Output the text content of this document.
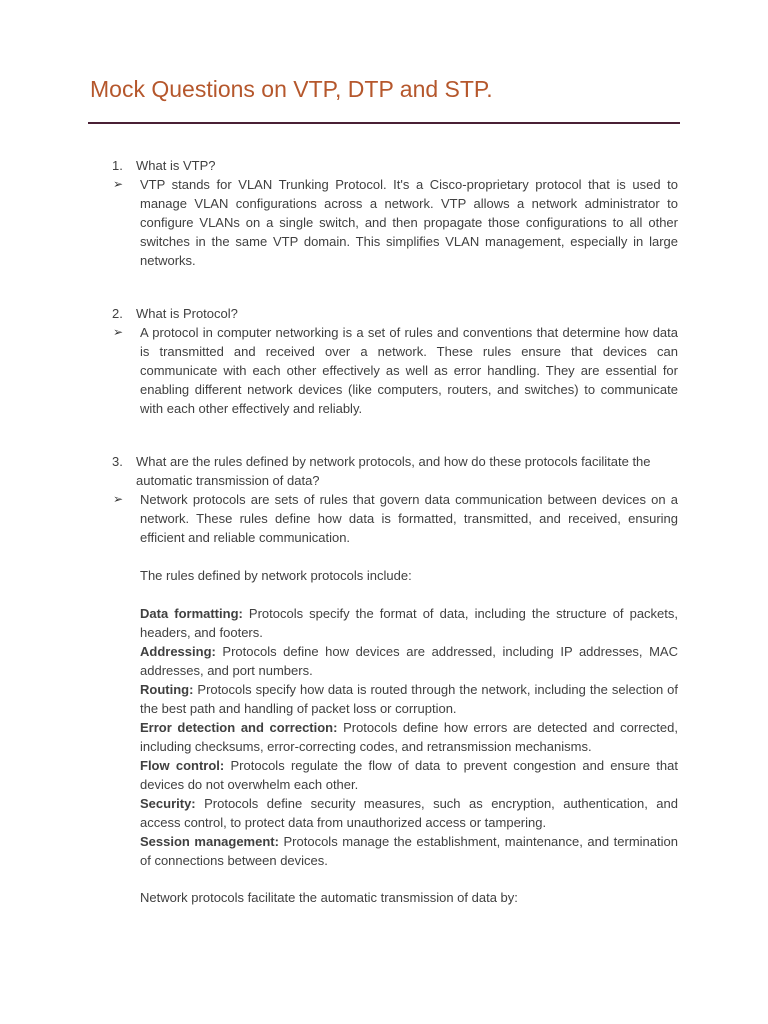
Mock Questions on VTP, DTP and STP.
1.	What is VTP?
➢	VTP stands for VLAN Trunking Protocol. It's a Cisco-proprietary protocol that is used to manage VLAN configurations across a network. VTP allows a network administrator to configure VLANs on a single switch, and then propagate those configurations to all other switches in the same VTP domain. This simplifies VLAN management, especially in large networks.
2.	What is Protocol?
➢	A protocol in computer networking is a set of rules and conventions that determine how data is transmitted and received over a network. These rules ensure that devices can communicate with each other effectively as well as error handling. They are essential for enabling different network devices (like computers, routers, and switches) to communicate with each other effectively and reliably.
3.	What are the rules defined by network protocols, and how do these protocols facilitate the automatic transmission of data?
➢	Network protocols are sets of rules that govern data communication between devices on a network. These rules define how data is formatted, transmitted, and received, ensuring efficient and reliable communication.
The rules defined by network protocols include:
Data formatting: Protocols specify the format of data, including the structure of packets, headers, and footers.
Addressing: Protocols define how devices are addressed, including IP addresses, MAC addresses, and port numbers.
Routing: Protocols specify how data is routed through the network, including the selection of the best path and handling of packet loss or corruption.
Error detection and correction: Protocols define how errors are detected and corrected, including checksums, error-correcting codes, and retransmission mechanisms.
Flow control: Protocols regulate the flow of data to prevent congestion and ensure that devices do not overwhelm each other.
Security: Protocols define security measures, such as encryption, authentication, and access control, to protect data from unauthorized access or tampering.
Session management: Protocols manage the establishment, maintenance, and termination of connections between devices.
Network protocols facilitate the automatic transmission of data by:
